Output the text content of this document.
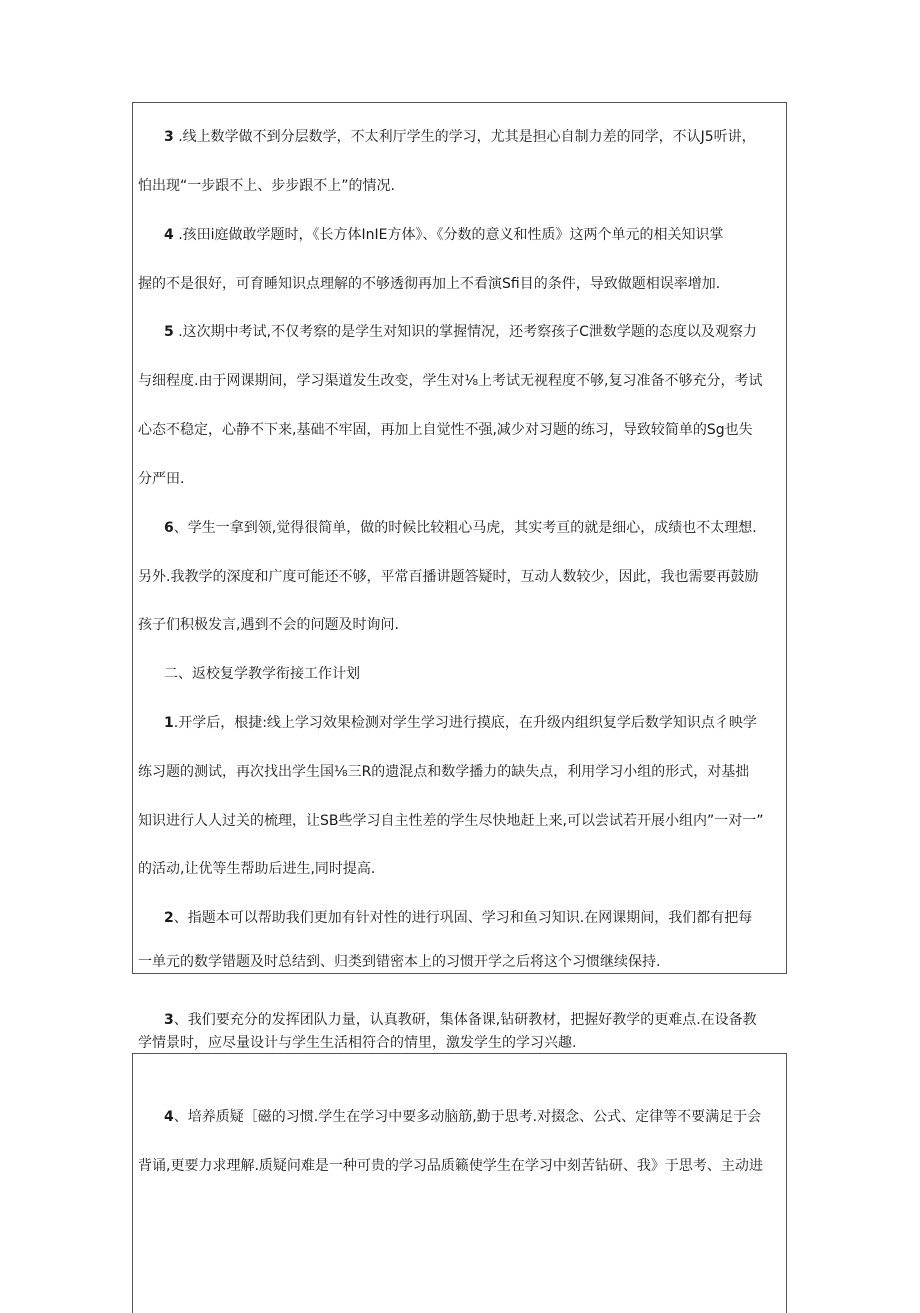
3 .线上数学做不到分层数学，不太利厅学生的学习，尤其是担心自制力差的同学，不认J5听讲，
怕出现“一步跟不上、步步跟不上”的情况.
4 .孩田i庭做敢学题时，《长方体InIE方体》、《分数的意义和性质》这两个单元的相关知识掌
握的不是很好，可育睡知识点理解的不够透彻再加上不看演Sfi目的条件，导致做题相误率增加.
5 .这次期中考试,不仅考察的是学生对知识的掌握情况，还考察孩子C泄数学题的态度以及观察力
与细程度.由于网课期间，学习渠道发生改变，学生对⅛上考试无视程度不够,复习准备不够充分，考试
心态不稳定，心静不下来,基础不牢固，再加上自觉性不强,减少对习题的练习，导致较简单的Sg也失
分严田.
6、学生一拿到领,觉得很简单，做的时候比较粗心马虎，其实考亘的就是细心，成绩也不太理想.
另外.我教学的深度和广度可能还不够，平常百播讲题答疑时，互动人数较少，因此，我也需要再鼓励
孩子们积极发言,遇到不会的问题及时询问.
二、返校复学教学衔接工作计划
1.开学后，根捷:线上学习效果检测对学生学习进行摸底，在升级内组织复学后数学知识点彳映学
练习题的测试，再次找出学生国⅛三R的遗混点和数学播力的缺失点，利用学习小组的形式，对基拙
知识进行人人过关的梳理，让SB些学习自主性差的学生尽快地赶上来,可以尝试若开展小组内”一对一”
的活动,让优等生帮助后进生,同时提高.
2、指题本可以帮助我们更加有针对性的进行巩固、学习和鱼习知识.在网课期间，我们都有把每
一单元的数学错题及时总结到、归类到错密本上的习惯开学之后将这个习惯继续保持.
3、我们要充分的发挥团队力量，认真教研，集体备课,钻研教材，把握好教学的更难点.在设备教
学情景时，应尽量设计与学生生活相符合的情里，激发学生的学习兴趣.
4、培养质疑［磁的习惯.学生在学习中要多动脑筋,勤于思考.对掇念、公式、定律等不要满足于会
背诵,更要力求理解.质疑问难是一种可贵的学习品质籁使学生在学习中刻苦钻研、我》于思考、主动进
